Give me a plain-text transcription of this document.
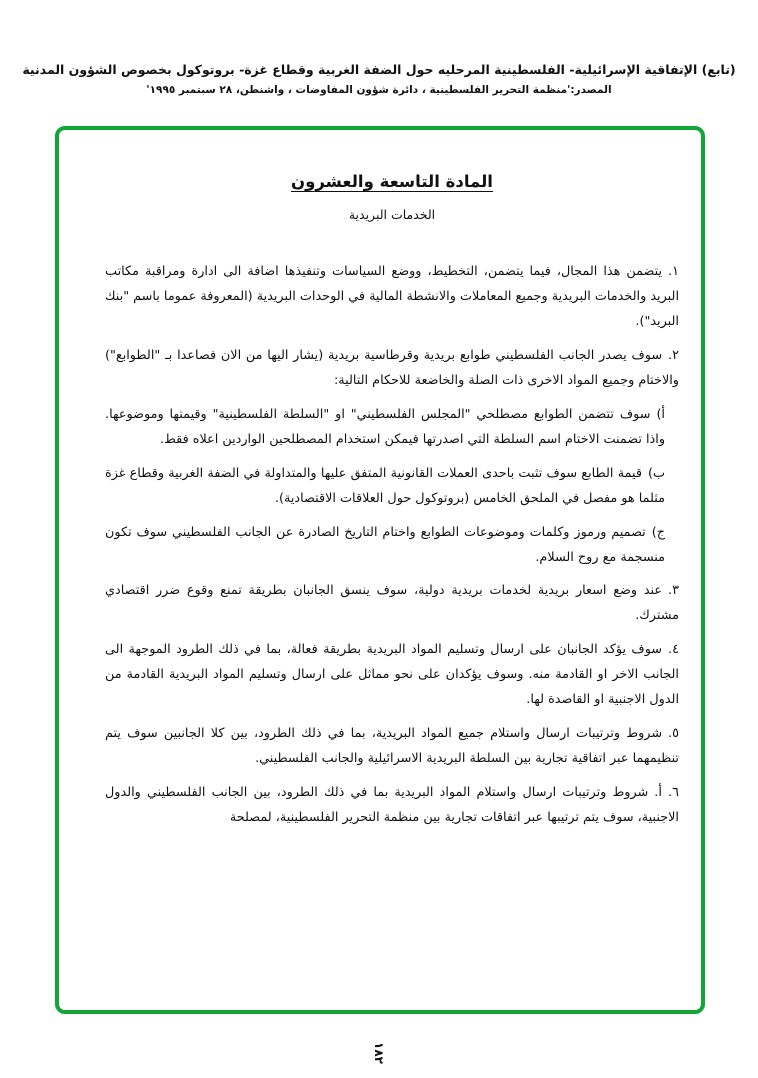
(تابع) الإتفاقية الإسرائيلية- الفلسطينية المرحليه حول الضفة الغربية وقطاع غزة- بروتوكول بخصوص الشؤون المدنية
المصدر:'منظمة التحرير الفلسطينية ، دائرة شؤون المفاوضات ، واشنطن، ٢٨ سبتمبر ١٩٩٥'
المادة التاسعة والعشرون
الخدمات البريدية
١.يتضمن هذا المجال، فيما يتضمن، التخطيط، ووضع السياسات وتنفيذها اضافة الى ادارة ومراقبة مكاتب البريد والخدمات البريدية وجميع المعاملات والانشطة المالية في الوحدات البريدية (المعروفة عموما باسم "بنك البريد").
٢.سوف يصدر الجانب الفلسطيني طوابع بريدية وقرطاسية بريدية (يشار اليها من الان فصاعدا بـ "الطوابع") والاختام وجميع المواد الاخرى ذات الصلة والخاضعة للاحكام التالية:
أ)سوف تتضمن الطوابع مصطلحي "المجلس الفلسطيني" او "السلطة الفلسطينية" وقيمتها وموضوعها. واذا تضمنت الاختام اسم السلطة التي اصدرتها فيمكن استخدام المصطلحين الواردين اعلاه فقط.
ب)قيمة الطابع سوف تثبت باحدى العملات القانونية المتفق عليها والمتداولة في الضفة الغربية وقطاع غزة مثلما هو مفصل في الملحق الخامس (بروتوكول حول العلاقات الاقتصادية).
ج)تصميم ورموز وكلمات وموضوعات الطوابع واختام التاريخ الصادرة عن الجانب الفلسطيني سوف تكون منسجمة مع روح السلام.
٣.عند وضع اسعار بريدية لخدمات بريدية دولية، سوف ينسق الجانبان بطريقة تمنع وقوع ضرر اقتصادي مشترك.
٤.سوف يؤكد الجانبان على ارسال وتسليم المواد البريدية بطريقة فعالة، بما في ذلك الطرود الموجهة الى الجانب الاخر او القادمة منه. وسوف يؤكدان على نحو مماثل على ارسال وتسليم المواد البريدية القادمة من الدول الاجنبية او القاصدة لها.
٥.شروط وترتيبات ارسال واستلام جميع المواد البريدية، بما في ذلك الطرود، بين كلا الجانبين سوف يتم تنظيمهما عبر اتفاقية تجارية بين السلطة البريدية الاسرائيلية والجانب الفلسطيني.
٦. أ.شروط وترتيبات ارسال واستلام المواد البريدية بما في ذلك الطرود، بين الجانب الفلسطيني والدول الاجنبية، سوف يتم ترتيبها عبر اتفاقات تجارية بين منظمة التحرير الفلسطينية، لمصلحة
١٨٢
